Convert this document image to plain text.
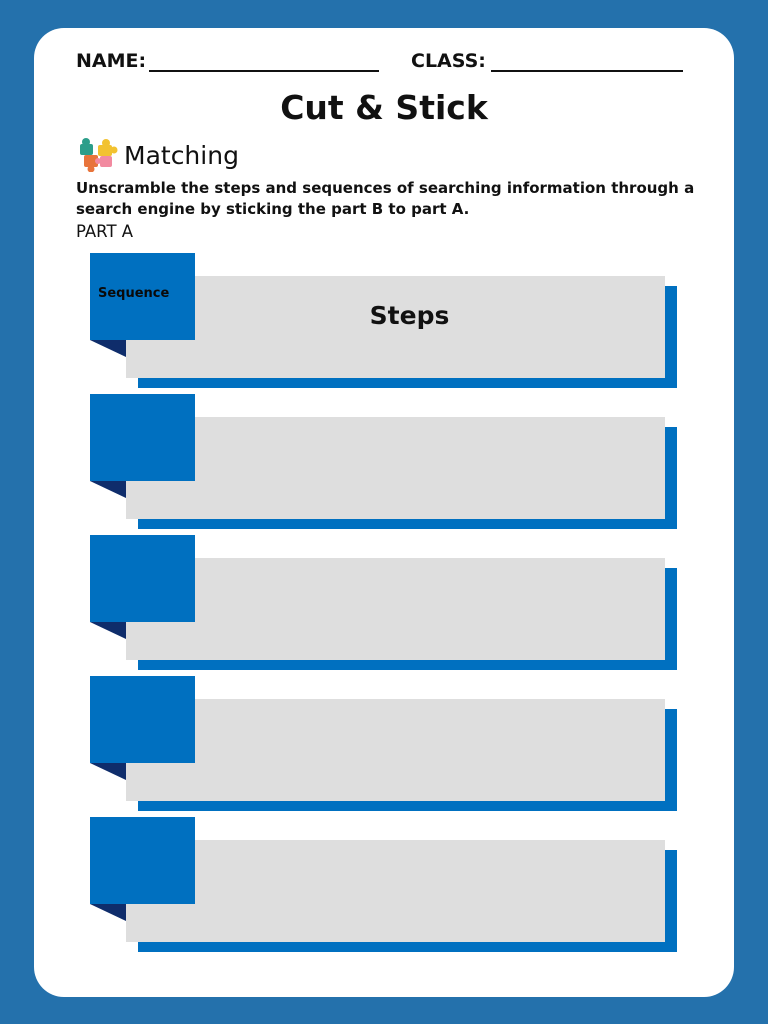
NAME:	CLASS:
Cut & Stick
Matching
Unscramble the steps and sequences of searching information through a search engine by sticking the part B to part A.
PART A
Sequence
Steps
